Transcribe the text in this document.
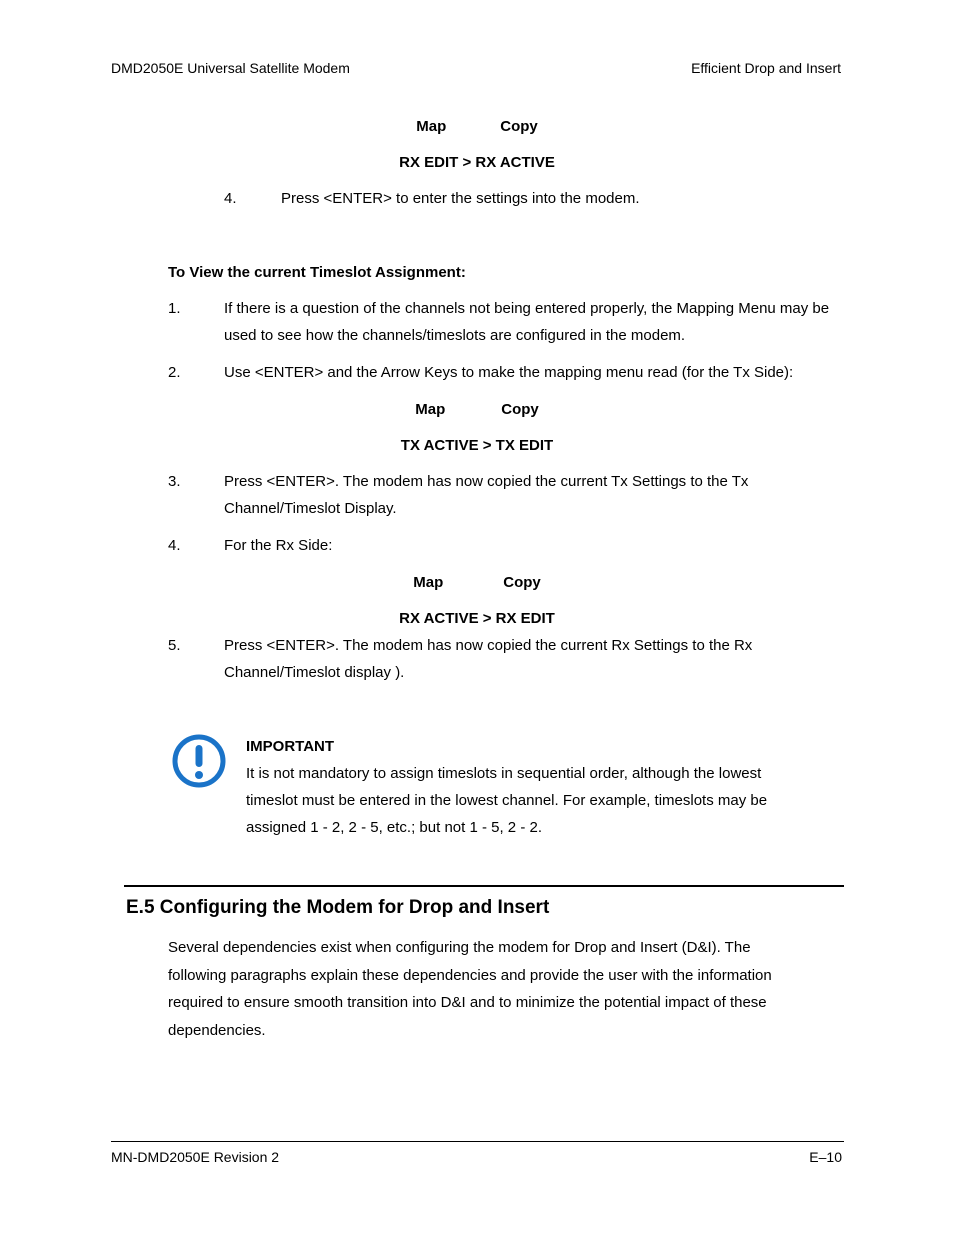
DMD2050E Universal Satellite Modem	Efficient Drop and Insert
Map	Copy
RX EDIT > RX ACTIVE
4.	Press <ENTER> to enter the settings into the modem.
To View the current Timeslot Assignment:
1.	If there is a question of the channels not being entered properly, the Mapping Menu may be used to see how the channels/timeslots are configured in the modem.
2.	Use <ENTER> and the Arrow Keys to make the mapping menu read (for the Tx Side):
Map	Copy
TX ACTIVE > TX EDIT
3.	Press <ENTER>. The modem has now copied the current Tx Settings to the Tx Channel/Timeslot Display.
4.	For the Rx Side:
Map	Copy
RX ACTIVE > RX EDIT
5.	Press <ENTER>. The modem has now copied the current Rx Settings to the Rx Channel/Timeslot display ).
IMPORTANT
It is not mandatory to assign timeslots in sequential order, although the lowest timeslot must be entered in the lowest channel. For example, timeslots may be assigned 1 - 2, 2 - 5, etc.; but not 1 - 5, 2 - 2.
E.5 Configuring the Modem for Drop and Insert
Several dependencies exist when configuring the modem for Drop and Insert (D&I). The following paragraphs explain these dependencies and provide the user with the information required to ensure smooth transition into D&I and to minimize the potential impact of these dependencies.
MN-DMD2050E Revision 2	E–10
